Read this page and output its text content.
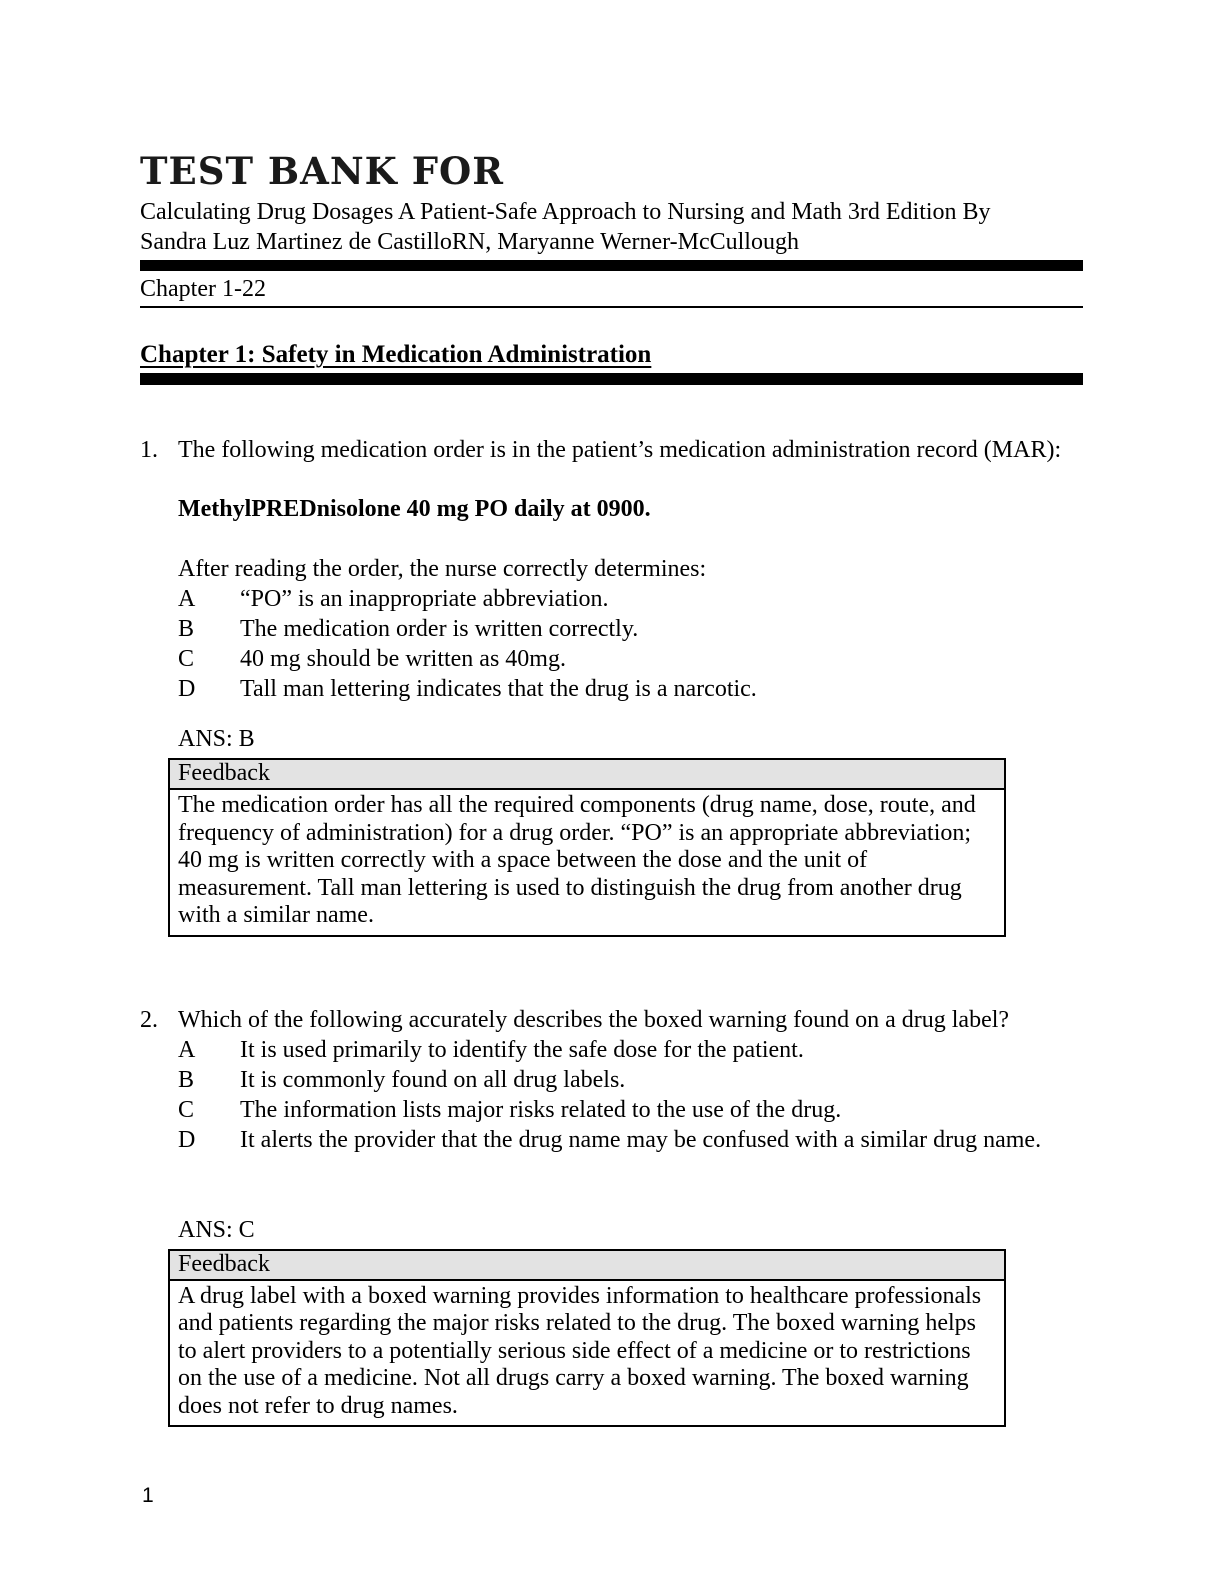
TEST BANK FOR
Calculating Drug Dosages A Patient-Safe Approach to Nursing and Math 3rd Edition By
Sandra Luz Martinez de CastilloRN, Maryanne Werner-McCullough
Chapter 1-22
Chapter 1: Safety in Medication Administration
1. The following medication order is in the patient’s medication administration record (MAR):

MethylPREDnisolone 40 mg PO daily at 0900.

After reading the order, the nurse correctly determines:

A	“PO” is an inappropriate abbreviation.
B	The medication order is written correctly.
C	40 mg should be written as 40mg.
D	Tall man lettering indicates that the drug is a narcotic.

ANS: B

Feedback
The medication order has all the required components (drug name, dose, route, and frequency of administration) for a drug order. “PO” is an appropriate abbreviation; 40 mg is written correctly with a space between the dose and the unit of measurement. Tall man lettering is used to distinguish the drug from another drug with a similar name.
2. Which of the following accurately describes the boxed warning found on a drug label?
A	It is used primarily to identify the safe dose for the patient.
B	It is commonly found on all drug labels.
C	The information lists major risks related to the use of the drug.
D	It alerts the provider that the drug name may be confused with a similar drug name.

ANS: C

Feedback
A drug label with a boxed warning provides information to healthcare professionals and patients regarding the major risks related to the drug. The boxed warning helps to alert providers to a potentially serious side effect of a medicine or to restrictions on the use of a medicine. Not all drugs carry a boxed warning. The boxed warning does not refer to drug names.
1
